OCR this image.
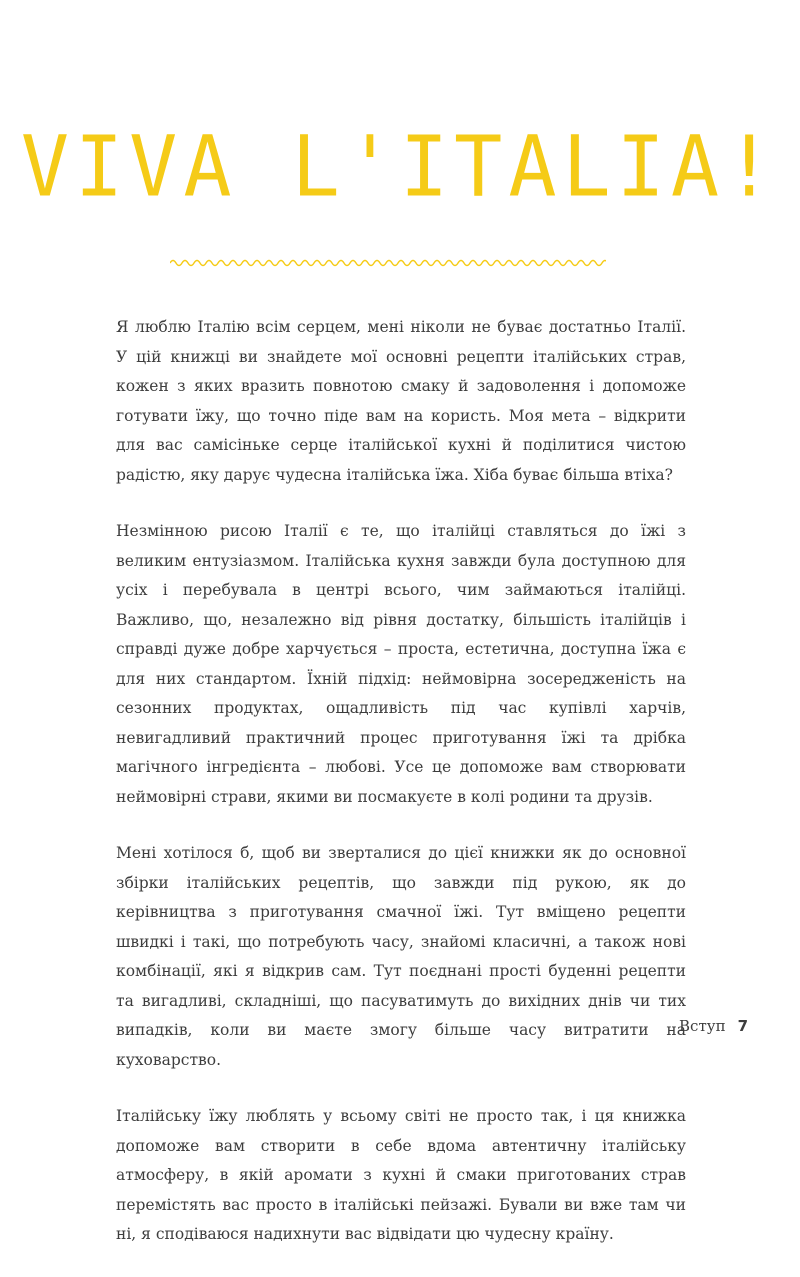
VIVA L'ITALIA!

Я люблю Італію всім серцем, мені ніколи не буває достатньо Італії. У цій книжці ви знайдете мої основні рецепти італійських страв, кожен з яких вразить повнотою смаку й задоволення і допоможе готувати їжу, що точно піде вам на користь. Моя мета – відкрити для вас самісіньке серце італійської кухні й поділитися чистою радістю, яку дарує чудесна італійська їжа. Хіба буває більша втіха?

Незмінною рисою Італії є те, що італійці ставляться до їжі з великим ентузіазмом. Італійська кухня завжди була доступною для усіх і перебувала в центрі всього, чим займаються італійці. Важливо, що, незалежно від рівня достатку, більшість італійців і справді дуже добре харчується – проста, естетична, доступна їжа є для них стандартом. Їхній підхід: неймовірна зосередженість на сезонних продуктах, ощадливість під час купівлі харчів, невигадливий практичний процес приготування їжі та дрібка магічного інгредієнта – любові. Усе це допоможе вам створювати неймовірні страви, якими ви посмакуєте в колі родини та друзів.

Мені хотілося б, щоб ви зверталися до цієї книжки як до основної збірки італійських рецептів, що завжди під рукою, як до керівництва з приготування смачної їжі. Тут вміщено рецепти швидкі і такі, що потребують часу, знайомі класичні, а також нові комбінації, які я відкрив сам. Тут поєднані прості буденні рецепти та вигадливі, складніші, що пасуватимуть до вихідних днів чи тих випадків, коли ви маєте змогу більше часу витратити на куховарство.

Італійську їжу люблять у всьому світі не просто так, і ця книжка допоможе вам створити в себе вдома автентичну італійську атмосферу, в якій аромати з кухні й смаки приготованих страв перемістять вас просто в італійські пейзажі. Бували ви вже там чи ні, я сподіваюся надихнути вас відвідати цю чудесну країну.

Вступ 7
